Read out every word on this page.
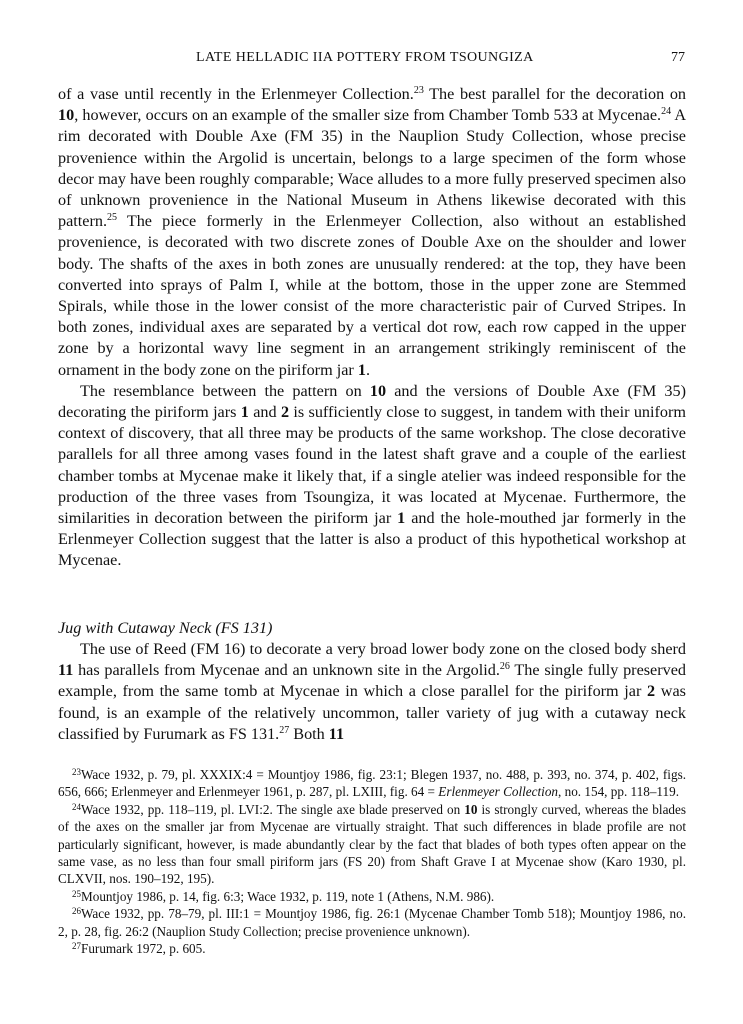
LATE HELLADIC IIA POTTERY FROM TSOUNGIZA	77

of a vase until recently in the Erlenmeyer Collection.$^{23}$ The best parallel for the decoration on 10, however, occurs on an example of the smaller size from Chamber Tomb 533 at Mycenae.$^{24}$ A rim decorated with Double Axe (FM 35) in the Nauplion Study Collection, whose precise provenience within the Argolid is uncertain, belongs to a large specimen of the form whose decor may have been roughly comparable; Wace alludes to a more fully preserved specimen also of unknown provenience in the National Museum in Athens likewise decorated with this pattern.$^{25}$ The piece formerly in the Erlenmeyer Collection, also without an established provenience, is decorated with two discrete zones of Double Axe on the shoulder and lower body. The shafts of the axes in both zones are unusually rendered: at the top, they have been converted into sprays of Palm I, while at the bottom, those in the upper zone are Stemmed Spirals, while those in the lower consist of the more characteristic pair of Curved Stripes. In both zones, individual axes are separated by a vertical dot row, each row capped in the upper zone by a horizontal wavy line segment in an arrangement strikingly reminiscent of the ornament in the body zone on the piriform jar 1.

The resemblance between the pattern on 10 and the versions of Double Axe (FM 35) decorating the piriform jars 1 and 2 is sufficiently close to suggest, in tandem with their uniform context of discovery, that all three may be products of the same workshop. The close decorative parallels for all three among vases found in the latest shaft grave and a couple of the earliest chamber tombs at Mycenae make it likely that, if a single atelier was indeed responsible for the production of the three vases from Tsoungiza, it was located at Mycenae. Furthermore, the similarities in decoration between the piriform jar 1 and the hole-mouthed jar formerly in the Erlenmeyer Collection suggest that the latter is also a product of this hypothetical workshop at Mycenae.

Jug with Cutaway Neck (FS 131)

The use of Reed (FM 16) to decorate a very broad lower body zone on the closed body sherd 11 has parallels from Mycenae and an unknown site in the Argolid.$^{26}$ The single fully preserved example, from the same tomb at Mycenae in which a close parallel for the piriform jar 2 was found, is an example of the relatively uncommon, taller variety of jug with a cutaway neck classified by Furumark as FS 131.27 Both 11

$^{23}$Wace 1932, p. 79, pl. XXXIX:4 = Mountjoy 1986, fig. 23:1; Blegen 1937, no. 488, p. 393, no. 374, p. 402, figs. 656, 666; Erlenmeyer and Erlenmeyer 1961, p. 287, pl. LXIII, fig. 64 = Erlenmeyer Collection, no. 154, pp. 118–119.

$^{24}$Wace 1932, pp. 118–119, pl. LVI:2. The single axe blade preserved on 10 is strongly curved, whereas the blades of the axes on the smaller jar from Mycenae are virtually straight. That such differences in blade profile are not particularly significant, however, is made abundantly clear by the fact that blades of both types often appear on the same vase, as no less than four small piriform jars (FS 20) from Shaft Grave I at Mycenae show (Karo 1930, pl. CLXVII, nos. 190–192, 195).

$^{25}$Mountjoy 1986, p. 14, fig. 6:3; Wace 1932, p. 119, note 1 (Athens, N.M. 986).

$^{26}$Wace 1932, pp. 78–79, pl. III:1 = Mountjoy 1986, fig. 26:1 (Mycenae Chamber Tomb 518); Mountjoy 1986, no. 2, p. 28, fig. 26:2 (Nauplion Study Collection; precise provenience unknown).

$^{27}$Furumark 1972, p. 605.
